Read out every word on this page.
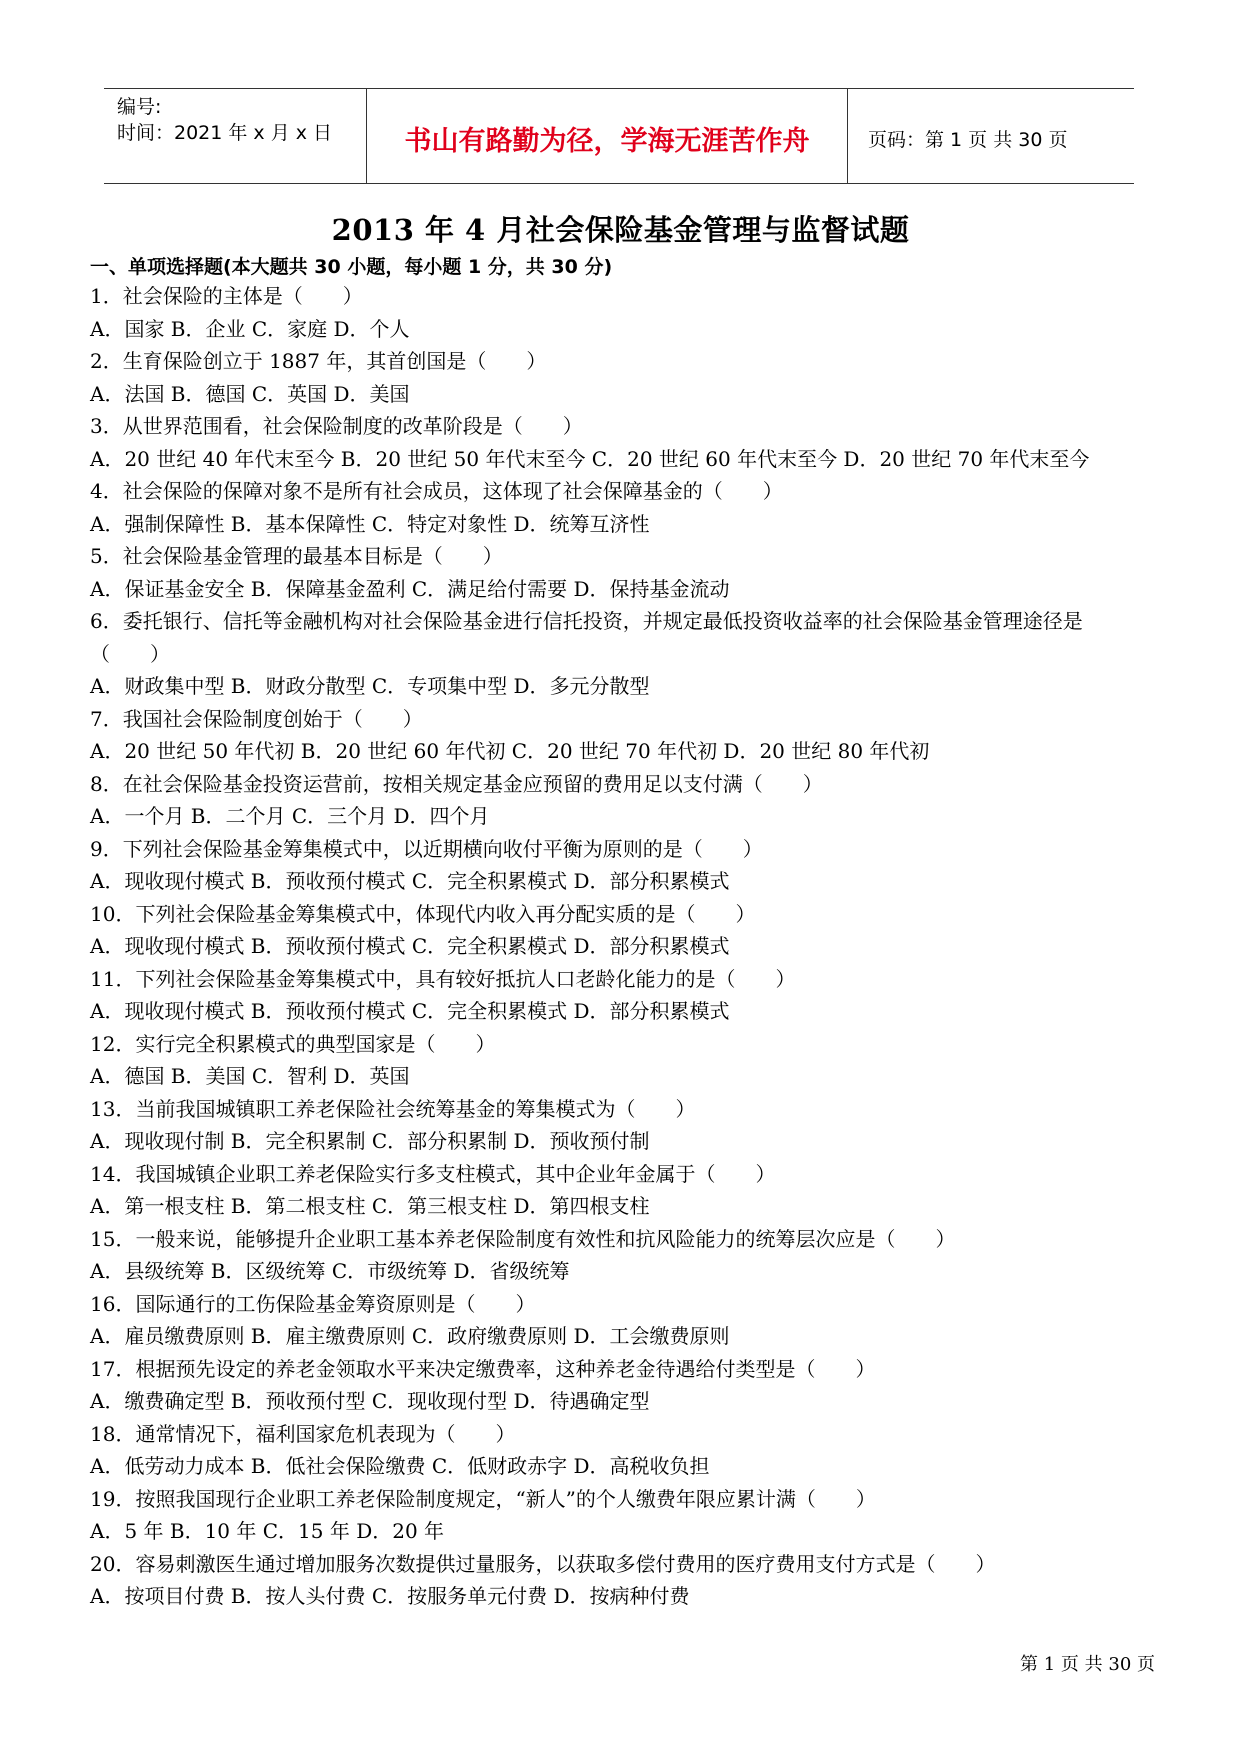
编号:
时间：2021 年 x 月 x 日	书山有路勤为径，学海无涯苦作舟	页码：第 1 页 共 30 页
2013 年 4 月社会保险基金管理与监督试题
一、单项选择题(本大题共 30 小题，每小题 1 分，共 30 分)
1．社会保险的主体是（　　）
A．国家 B．企业 C．家庭 D．个人
2．生育保险创立于 1887 年，其首创国是（　　）
A．法国 B．德国 C．英国 D．美国
3．从世界范围看，社会保险制度的改革阶段是（　　）
A．20 世纪 40 年代末至今 B．20 世纪 50 年代末至今 C．20 世纪 60 年代末至今 D．20 世纪 70 年代末至今
4．社会保险的保障对象不是所有社会成员，这体现了社会保障基金的（　　）
A．强制保障性 B．基本保障性 C．特定对象性 D．统筹互济性
5．社会保险基金管理的最基本目标是（　　）
A．保证基金安全 B．保障基金盈利 C．满足给付需要 D．保持基金流动
6．委托银行、信托等金融机构对社会保险基金进行信托投资，并规定最低投资收益率的社会保险基金管理途径是（　　）
A．财政集中型 B．财政分散型 C．专项集中型 D．多元分散型
7．我国社会保险制度创始于（　　）
A．20 世纪 50 年代初 B．20 世纪 60 年代初 C．20 世纪 70 年代初 D．20 世纪 80 年代初
8．在社会保险基金投资运营前，按相关规定基金应预留的费用足以支付满（　　）
A．一个月 B．二个月 C．三个月 D．四个月
9．下列社会保险基金筹集模式中，以近期横向收付平衡为原则的是（　　）
A．现收现付模式 B．预收预付模式 C．完全积累模式 D．部分积累模式
10．下列社会保险基金筹集模式中，体现代内收入再分配实质的是（　　）
A．现收现付模式 B．预收预付模式 C．完全积累模式 D．部分积累模式
11．下列社会保险基金筹集模式中，具有较好抵抗人口老龄化能力的是（　　）
A．现收现付模式 B．预收预付模式 C．完全积累模式 D．部分积累模式
12．实行完全积累模式的典型国家是（　　）
A．德国 B．美国 C．智利 D．英国
13．当前我国城镇职工养老保险社会统筹基金的筹集模式为（　　）
A．现收现付制 B．完全积累制 C．部分积累制 D．预收预付制
14．我国城镇企业职工养老保险实行多支柱模式，其中企业年金属于（　　）
A．第一根支柱 B．第二根支柱 C．第三根支柱 D．第四根支柱
15．一般来说，能够提升企业职工基本养老保险制度有效性和抗风险能力的统筹层次应是（　　）
A．县级统筹 B．区级统筹 C．市级统筹 D．省级统筹
16．国际通行的工伤保险基金筹资原则是（　　）
A．雇员缴费原则 B．雇主缴费原则 C．政府缴费原则 D．工会缴费原则
17．根据预先设定的养老金领取水平来决定缴费率，这种养老金待遇给付类型是（　　）
A．缴费确定型 B．预收预付型 C．现收现付型 D．待遇确定型
18．通常情况下，福利国家危机表现为（　　）
A．低劳动力成本 B．低社会保险缴费 C．低财政赤字 D．高税收负担
19．按照我国现行企业职工养老保险制度规定，“新人”的个人缴费年限应累计满（　　）
A．5 年 B．10 年 C．15 年 D．20 年
20．容易刺激医生通过增加服务次数提供过量服务，以获取多偿付费用的医疗费用支付方式是（　　）
A．按项目付费 B．按人头付费 C．按服务单元付费 D．按病种付费
第 1 页 共 30 页
